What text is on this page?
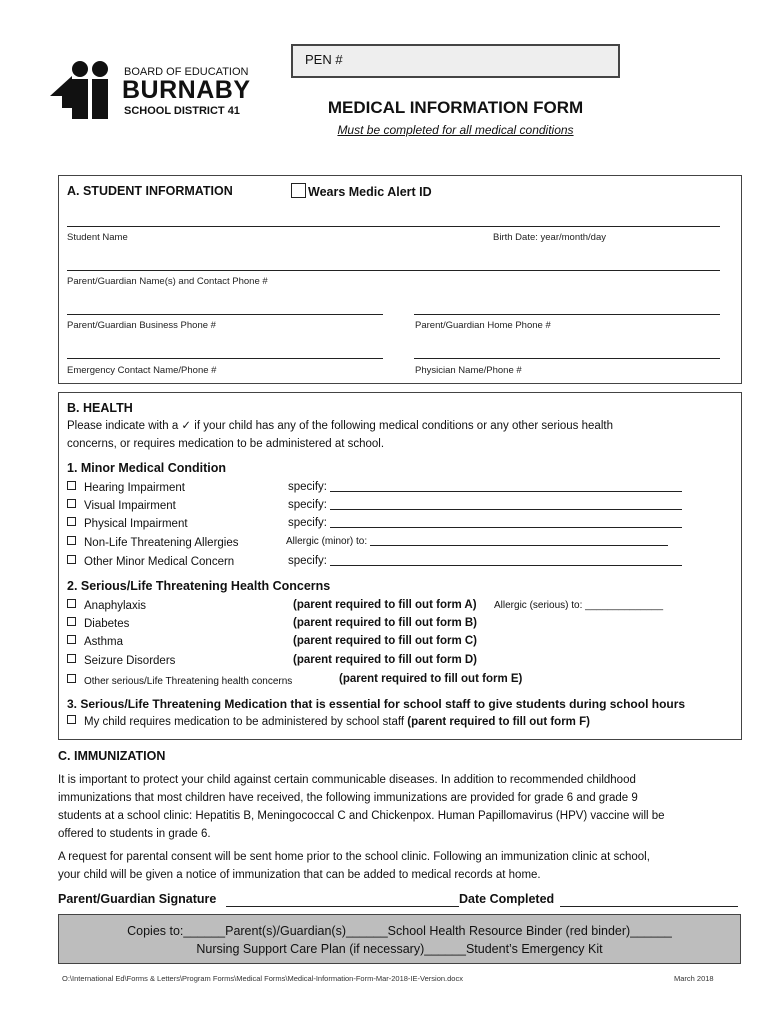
BOARD OF EDUCATION
BURNABY
SCHOOL DISTRICT 41
PEN #
MEDICAL INFORMATION FORM
Must be completed for all medical conditions
A. STUDENT INFORMATION	Wears Medic Alert ID
Student Name	Birth Date: year/month/day
Parent/Guardian Name(s) and Contact Phone #
Parent/Guardian Business Phone #	Parent/Guardian Home Phone #
Emergency Contact Name/Phone #	Physician Name/Phone #
B. HEALTH
Please indicate with a ✓ if your child has any of the following medical conditions or any other serious health
concerns, or requires medication to be administered at school.
1. Minor Medical Condition
Hearing Impairment	specify:
Visual Impairment	specify:
Physical Impairment	specify:
Non-Life Threatening Allergies	Allergic (minor) to:
Other Minor Medical Concern	specify:
2. Serious/Life Threatening Health Concerns
Anaphylaxis	(parent required to fill out form A) Allergic (serious) to: ______________
Diabetes	(parent required to fill out form B)
Asthma	(parent required to fill out form C)
Seizure Disorders	(parent required to fill out form D)
Other serious/Life Threatening health concerns	(parent required to fill out form E)
3. Serious/Life Threatening Medication that is essential for school staff to give students during school hours
My child requires medication to be administered by school staff (parent required to fill out form F)
C. IMMUNIZATION
It is important to protect your child against certain communicable diseases. In addition to recommended childhood
immunizations that most children have received, the following immunizations are provided for grade 6 and grade 9
students at a school clinic: Hepatitis B, Meningococcal C and Chickenpox. Human Papillomavirus (HPV) vaccine will be
offered to students in grade 6.
A request for parental consent will be sent home prior to the school clinic. Following an immunization clinic at school,
your child will be given a notice of immunization that can be added to medical records at home.
Parent/Guardian Signature	Date Completed
Copies to:______Parent(s)/Guardian(s)______School Health Resource Binder (red binder)______
Nursing Support Care Plan (if necessary)______Student’s Emergency Kit
O:\International Ed\Forms & Letters\Program Forms\Medical Forms\Medical-Information-Form-Mar-2018-IE-Version.docx	March 2018
